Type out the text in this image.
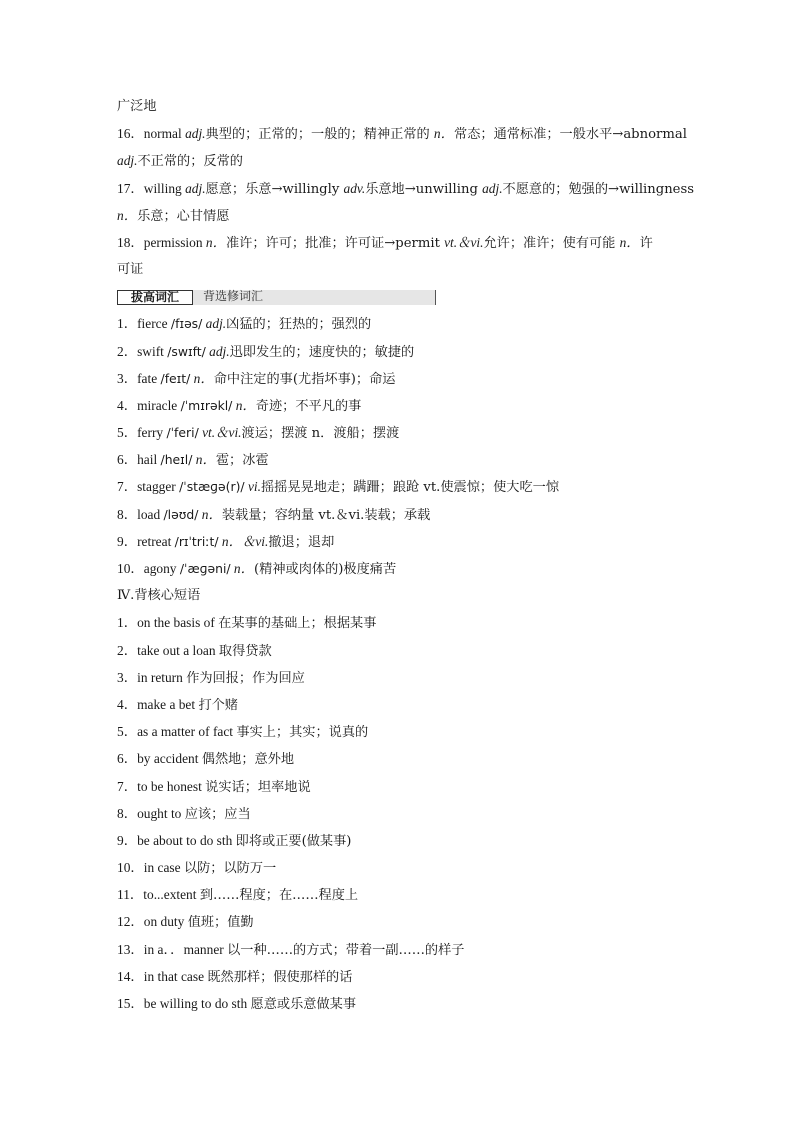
广泛地
16．normal adj.典型的；正常的；一般的；精神正常的 n．常态；通常标准；一般水平→abnormal
adj.不正常的；反常的
17．willing adj.愿意；乐意→willingly adv.乐意地→unwilling adj.不愿意的；勉强的→willingness
n．乐意；心甘情愿
18．permission n．准许；许可；批准；许可证→permit vt.＆vi.允许；准许；使有可能 n．许
可证
拔高词汇	背选修词汇
1．fierce /fɪəs/ adj.凶猛的；狂热的；强烈的
2．swift /swɪft/ adj.迅即发生的；速度快的；敏捷的
3．fate /feɪt/ n．命中注定的事(尤指坏事)；命运
4．miracle /ˈmɪrəkl/ n．奇迹；不平凡的事
5．ferry /ˈferi/ vt.＆vi.渡运；摆渡 n．渡船；摆渡
6．hail /heɪl/ n．雹；冰雹
7．stagger /ˈstæɡə(r)/ vi.摇摇晃晃地走；蹒跚；踉跄 vt.使震惊；使大吃一惊
8．load /ləʊd/ n．装载量；容纳量 vt.＆vi.装载；承载
9．retreat /rɪˈtriːt/ n．＆vi.撤退；退却
10．agony /ˈæɡəni/ n．(精神或肉体的)极度痛苦
Ⅳ.背核心短语
1．on the basis of 在某事的基础上；根据某事
2．take out a loan 取得贷款
3．in return 作为回报；作为回应
4．make a bet 打个赌
5．as a matter of fact 事实上；其实；说真的
6．by accident 偶然地；意外地
7．to be honest 说实话；坦率地说
8．ought to 应该；应当
9．be about to do sth 即将或正要(做某事)
10．in case 以防；以防万一
11．to...extent 到……程度；在……程度上
12．on duty 值班；值勤
13．in a．．manner 以一种……的方式；带着一副……的样子
14．in that case 既然那样；假使那样的话
15．be willing to do sth 愿意或乐意做某事
